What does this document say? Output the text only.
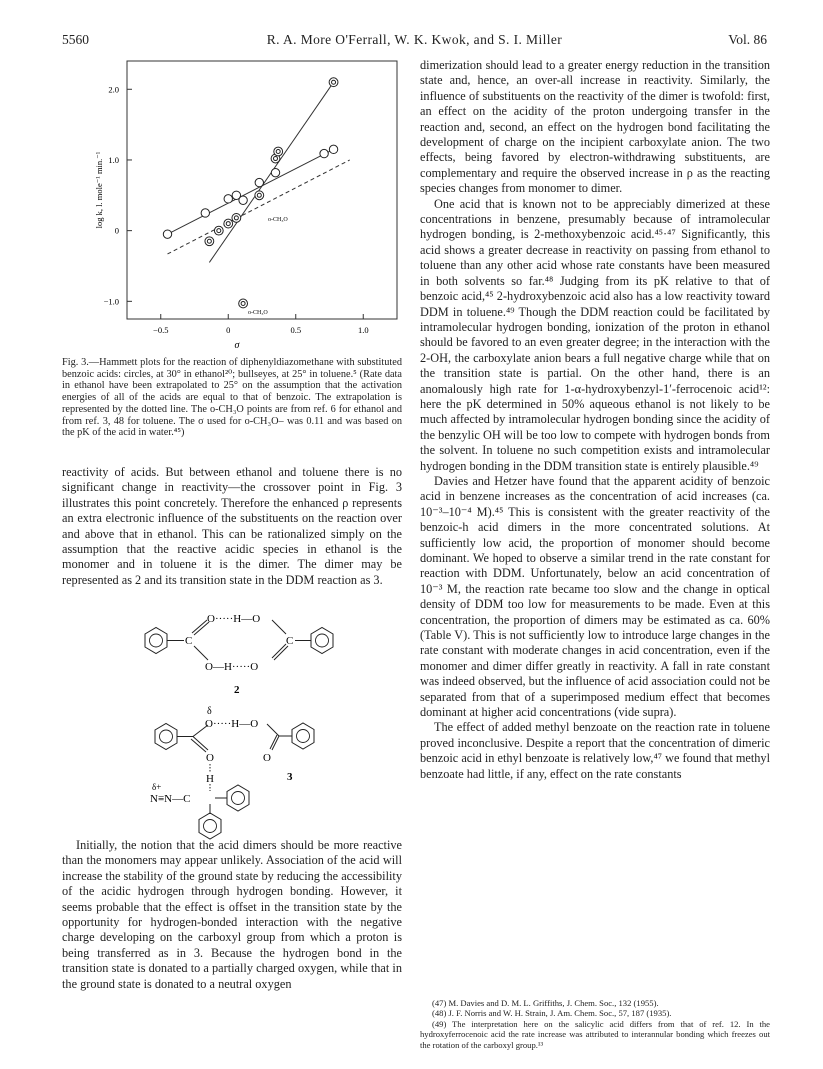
5560	R. A. More O'Ferrall, W. K. Kwok, and S. I. Miller	Vol. 86
−1.0
0
1.0
2.0
−0.5	0	0.5	1.0
log k, l. mole⁻¹ min.⁻¹
σ
o-CH₃O
o-CH₃O

Fig. 3.—Hammett plots for the reaction of diphenyldiazomethane with substituted benzoic acids: circles, at 30° in ethanol²⁰; bullseyes, at 25° in toluene.⁵ (Rate data in ethanol have been extrapolated to 25° on the assumption that the activation energies of all of the acids are equal to that of benzoic. The extrapolation is represented by the dotted line. The o-CH₃O points are from ref. 6 for ethanol and from ref. 3, 48 for toluene. The σ used for o-CH₃O– was 0.11 and was based on the pK of the acid in water.⁴⁵)

reactivity of acids. But between ethanol and toluene there is no significant change in reactivity—the crossover point in Fig. 3 illustrates this point concretely. Therefore the enhanced ρ represents an extra electronic influence of the substituents on the reaction over and above that in ethanol. This can be rationalized simply on the assumption that the reactive acidic species in ethanol is the monomer and in toluene it is the dimer. The dimer may be represented as 2 and its transition state in the DDM reaction as 3.

C
O·····H—O
O—H·····O
C
2
δ
O·····H—O
O	O
H
δ+
N≡N—C
3

Initially, the notion that the acid dimers should be more reactive than the monomers may appear unlikely. Association of the acid will increase the stability of the ground state by reducing the accessibility of the acidic hydrogen through hydrogen bonding. However, it seems probable that the effect is offset in the transition state by the opportunity for hydrogen-bonded interaction with the negative charge developing on the carboxyl group from which a proton is being transferred as in 3. Because the hydrogen bond in the transition state is donated to a partially charged oxygen, while that in the ground state is donated to a neutral oxygen

dimerization should lead to a greater energy reduction in the transition state and, hence, an over-all increase in reactivity. Similarly, the influence of substituents on the reactivity of the dimer is twofold: first, an effect on the acidity of the proton undergoing transfer in the reaction and, second, an effect on the hydrogen bond facilitating the development of charge on the incipient carboxylate anion. The two effects, being favored by electron-withdrawing substituents, are complementary and require the observed increase in ρ as the reacting species changes from monomer to dimer.

One acid that is known not to be appreciably dimerized at these concentrations in benzene, presumably because of intramolecular hydrogen bonding, is 2-methoxybenzoic acid.⁴⁵·⁴⁷ Significantly, this acid shows a greater decrease in reactivity on passing from ethanol to toluene than any other acid whose rate constants have been measured in both solvents so far.⁴⁸ Judging from its pK relative to that of benzoic acid,⁴⁵ 2-hydroxybenzoic acid also has a low reactivity toward DDM in toluene.⁴⁹ Though the DDM reaction could be facilitated by intramolecular hydrogen bonding, ionization of the proton in ethanol should be favored to an even greater degree; in the interaction with the 2-OH, the carboxylate anion bears a full negative charge while that on the transition state is partial. On the other hand, there is an anomalously high rate for 1-α-hydroxybenzyl-1′-ferrocenoic acid¹²: here the pK determined in 50% aqueous ethanol is not likely to be much affected by intramolecular hydrogen bonding since the acidity of the benzylic OH will be too low to compete with hydrogen bonds from the solvent. In toluene no such competition exists and intramolecular hydrogen bonding in the DDM transition state is entirely plausible.⁴⁹

Davies and Hetzer have found that the apparent acidity of benzoic acid in benzene increases as the concentration of acid increases (ca. 10⁻³–10⁻⁴ M).⁴⁵ This is consistent with the greater reactivity of the benzoic-h acid dimers in the more concentrated solutions. At sufficiently low acid, the proportion of monomer should become dominant. We hoped to observe a similar trend in the rate constant for reaction with DDM. Unfortunately, below an acid concentration of 10⁻³ M, the reaction rate became too slow and the change in optical density of DDM too low for measurements to be made. Even at this concentration, the proportion of dimers may be estimated as ca. 60% (Table V). This is not sufficiently low to introduce large changes in the rate constant with moderate changes in acid concentration, even if the monomer and dimer differ greatly in reactivity. A fall in rate constant was indeed observed, but the influence of acid association could not be separated from that of a superimposed medium effect that becomes dominant at higher acid concentrations (vide supra).

The effect of added methyl benzoate on the reaction rate in toluene proved inconclusive. Despite a report that the concentration of dimeric benzoic acid in ethyl benzoate is relatively low,⁴⁷ we found that methyl benzoate had little, if any, effect on the rate constants

(47) M. Davies and D. M. L. Griffiths, J. Chem. Soc., 132 (1955).

(48) J. F. Norris and W. H. Strain, J. Am. Chem. Soc., 57, 187 (1935).

(49) The interpretation here on the salicylic acid differs from that of ref. 12. In the hydroxyferrocenoic acid the rate increase was attributed to interannular bonding which freezes out the rotation of the carboxyl group.¹³
